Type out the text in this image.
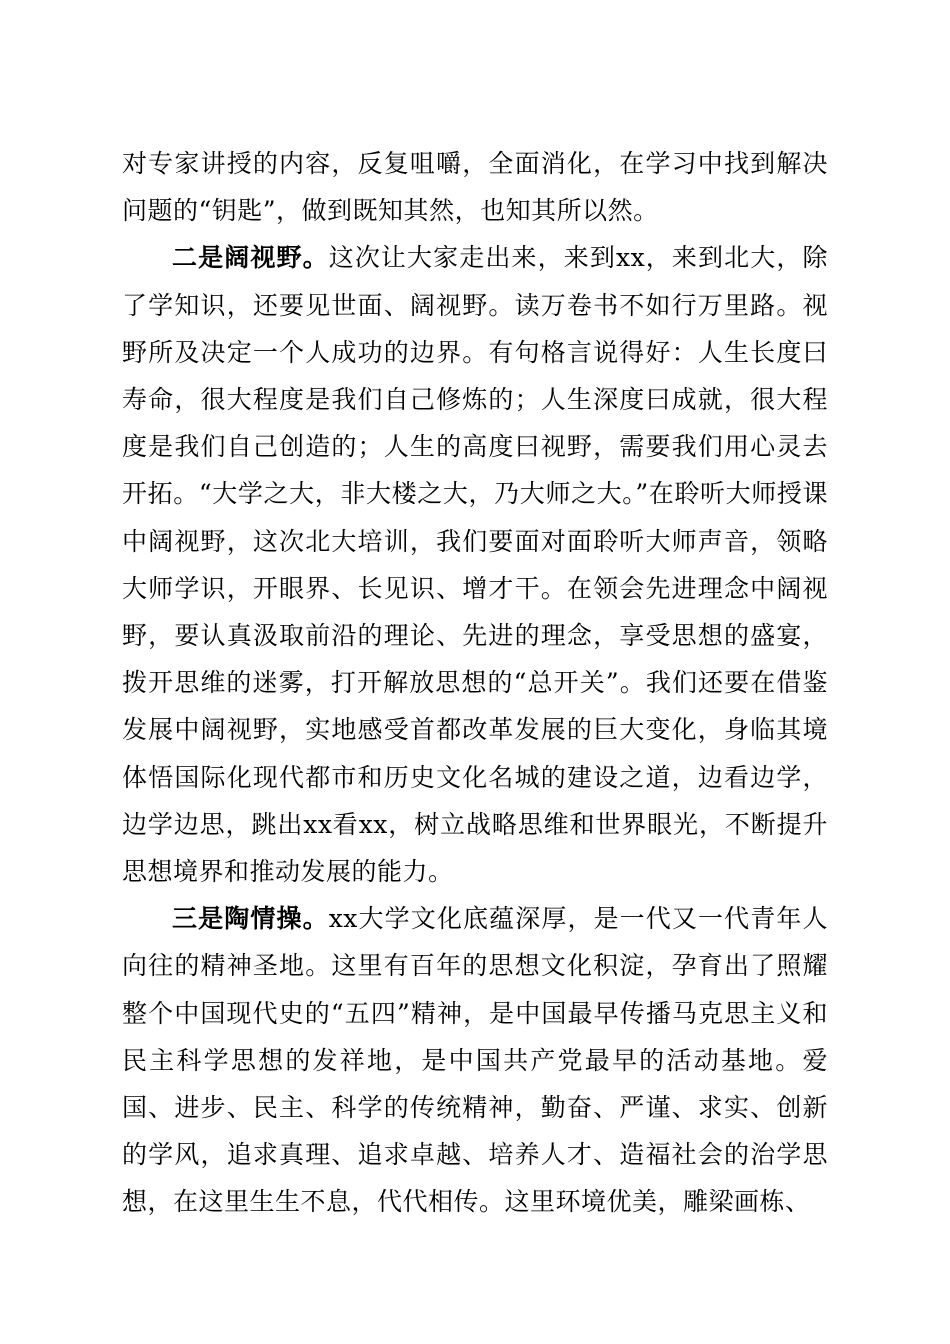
对专家讲授的内容，反复咀嚼，全面消化，在学习中找到解决问题的“钥匙”，做到既知其然，也知其所以然。

二是阔视野。这次让大家走出来，来到xx，来到北大，除了学知识，还要见世面、阔视野。读万卷书不如行万里路。视野所及决定一个人成功的边界。有句格言说得好：人生长度曰寿命，很大程度是我们自己修炼的；人生深度曰成就，很大程度是我们自己创造的；人生的高度曰视野，需要我们用心灵去开拓。“大学之大，非大楼之大，乃大师之大。”在聆听大师授课中阔视野，这次北大培训，我们要面对面聆听大师声音，领略大师学识，开眼界、长见识、增才干。在领会先进理念中阔视野，要认真汲取前沿的理论、先进的理念，享受思想的盛宴，拨开思维的迷雾，打开解放思想的“总开关”。我们还要在借鉴发展中阔视野，实地感受首都改革发展的巨大变化，身临其境体悟国际化现代都市和历史文化名城的建设之道，边看边学，边学边思，跳出xx看xx，树立战略思维和世界眼光，不断提升思想境界和推动发展的能力。

三是陶情操。xx大学文化底蕴深厚，是一代又一代青年人向往的精神圣地。这里有百年的思想文化积淀，孕育出了照耀整个中国现代史的“五四”精神，是中国最早传播马克思主义和民主科学思想的发祥地，是中国共产党最早的活动基地。爱国、进步、民主、科学的传统精神，勤奋、严谨、求实、创新的学风，追求真理、追求卓越、培养人才、造福社会的治学思想，在这里生生不息，代代相传。这里环境优美，雕梁画栋、
